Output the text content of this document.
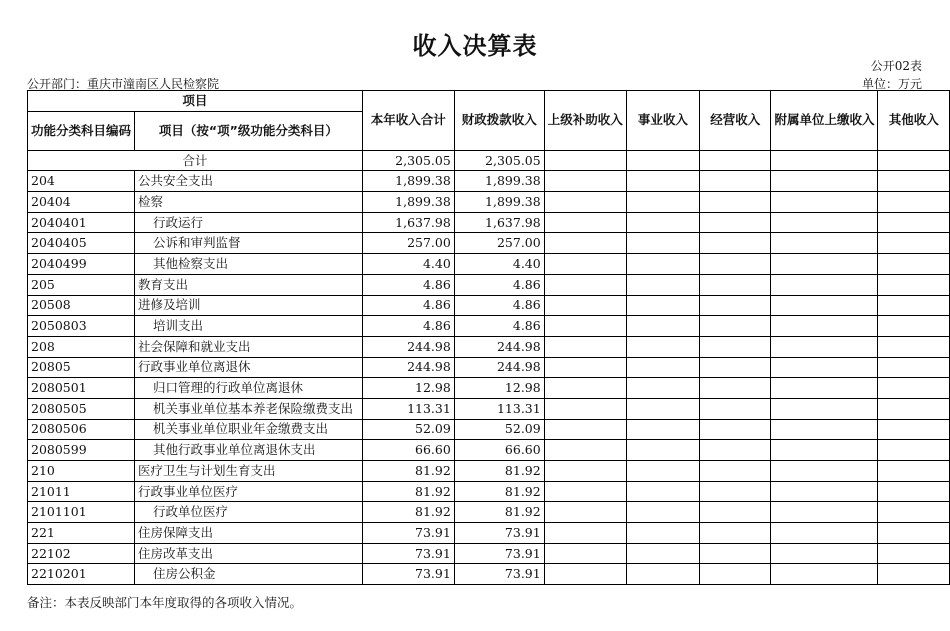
收入决算表
公开02表
公开部门：重庆市潼南区人民检察院	单位：万元
项目		本年收入合计	财政拨款收入	上级补助收入	事业收入	经营收入	附属单位上缴收入	其他收入
功能分类科目编码	项目（按“项”级功能分类科目）							

合计		2,305.05	2,305.05					
204	公共安全支出	1,899.38	1,899.38					
20404	检察	1,899.38	1,899.38					
2040401	行政运行	1,637.98	1,637.98					
2040405	公诉和审判监督	257.00	257.00					
2040499	其他检察支出	4.40	4.40					
205	教育支出	4.86	4.86					
20508	进修及培训	4.86	4.86					
2050803	培训支出	4.86	4.86					
208	社会保障和就业支出	244.98	244.98					
20805	行政事业单位离退休	244.98	244.98					
2080501	归口管理的行政单位离退休	12.98	12.98					
2080505	机关事业单位基本养老保险缴费支出	113.31	113.31					
2080506	机关事业单位职业年金缴费支出	52.09	52.09					
2080599	其他行政事业单位离退休支出	66.60	66.60					
210	医疗卫生与计划生育支出	81.92	81.92					
21011	行政事业单位医疗	81.92	81.92					
2101101	行政单位医疗	81.92	81.92					
221	住房保障支出	73.91	73.91					
22102	住房改革支出	73.91	73.91					
2210201	住房公积金	73.91	73.91					
备注：本表反映部门本年度取得的各项收入情况。
